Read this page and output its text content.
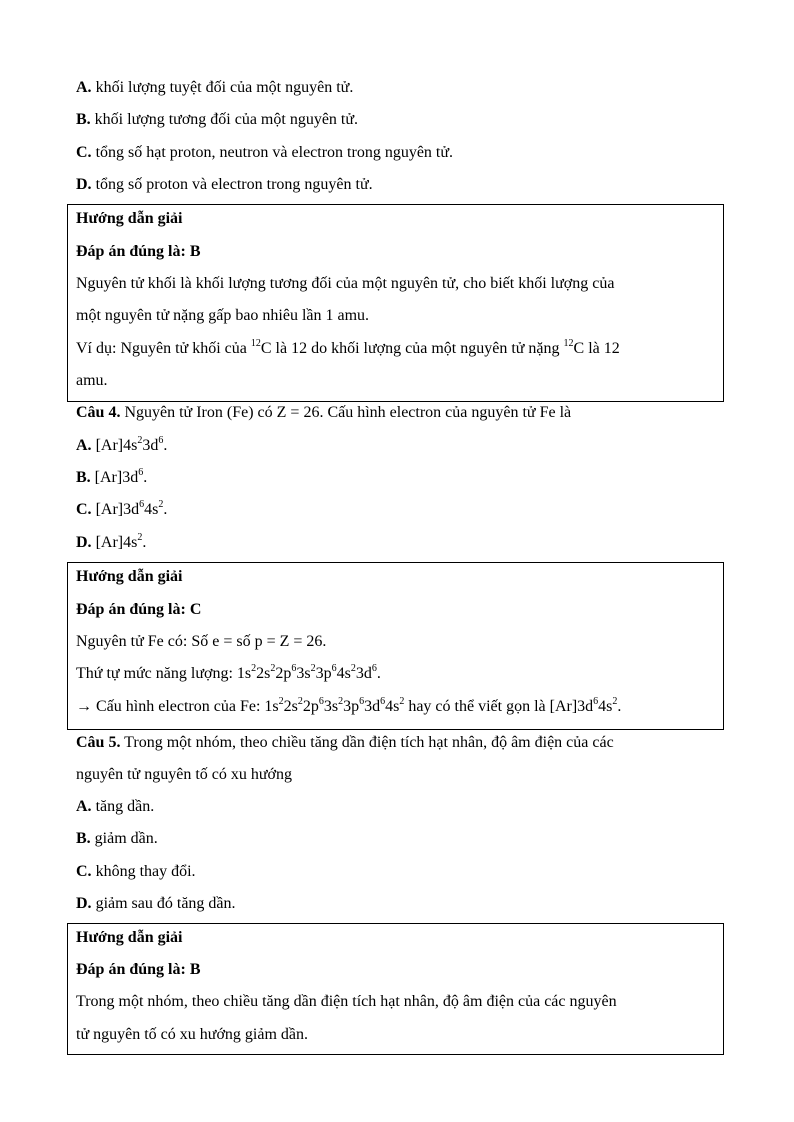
A. khối lượng tuyệt đối của một nguyên tử.
B. khối lượng tương đối của một nguyên tử.
C. tổng số hạt proton, neutron và electron trong nguyên tử.
D. tổng số proton và electron trong nguyên tử.
Hướng dẫn giải
Đáp án đúng là: B
Nguyên tử khối là khối lượng tương đối của một nguyên tử, cho biết khối lượng của
một nguyên tử nặng gấp bao nhiêu lần 1 amu.
Ví dụ: Nguyên tử khối của $^{12}$C là 12 do khối lượng của một nguyên tử nặng $^{12}$C là 12
amu.
Câu 4. Nguyên tử Iron (Fe) có Z = 26. Cấu hình electron của nguyên tử Fe là
A. $[Ar]4s^23d^6$.
B. $[Ar]3d^6$.
C. $[Ar]3d^64s^2$.
D. $[Ar]4s^2$.
Hướng dẫn giải
Đáp án đúng là: C
Nguyên tử Fe có: Số e = số p = Z = 26.
Thứ tự mức năng lượng: $1s^22s^22p^63s^23p^64s^23d^6$.
→ Cấu hình electron của Fe: $1s^22s^22p^63s^23p^63d^64s^2$ hay có thể viết gọn là $[Ar]3d^64s^2$.
Câu 5. Trong một nhóm, theo chiều tăng dần điện tích hạt nhân, độ âm điện của các
nguyên tử nguyên tố có xu hướng
A. tăng dần.
B. giảm dần.
C. không thay đổi.
D. giảm sau đó tăng dần.
Hướng dẫn giải
Đáp án đúng là: B
Trong một nhóm, theo chiều tăng dần điện tích hạt nhân, độ âm điện của các nguyên
tử nguyên tố có xu hướng giảm dần.
